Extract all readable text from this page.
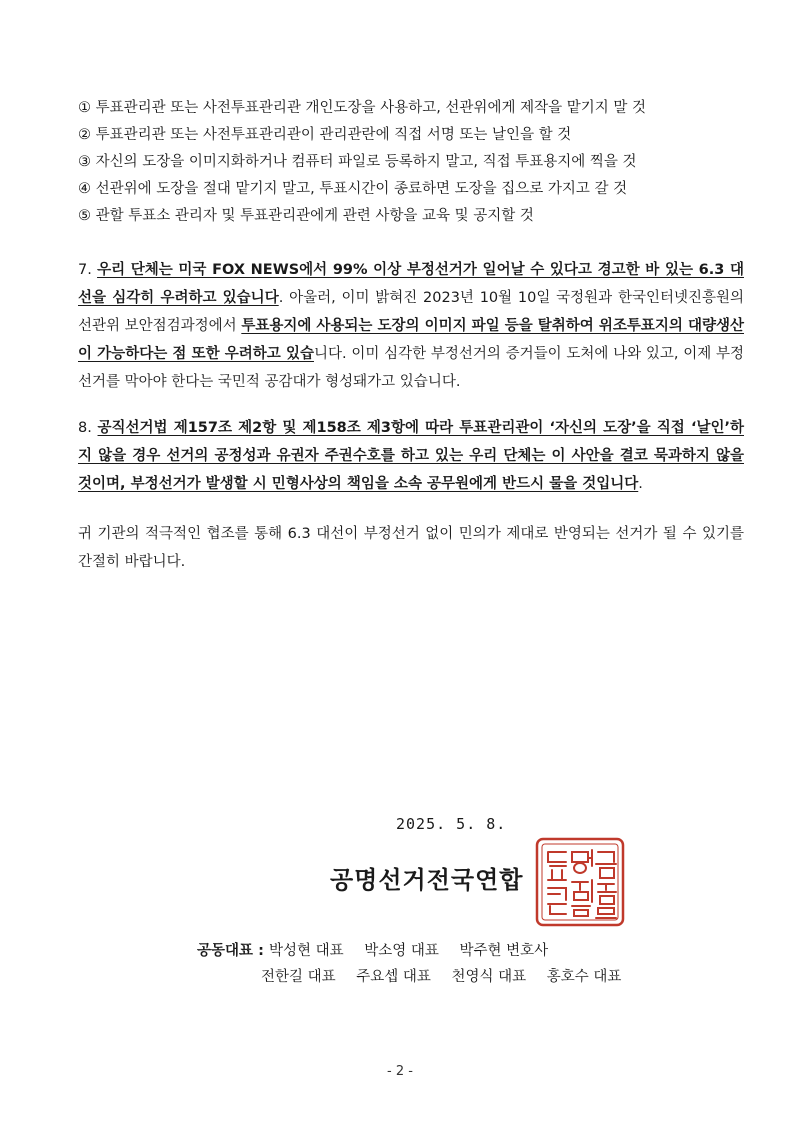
① 투표관리관 또는 사전투표관리관 개인도장을 사용하고, 선관위에게 제작을 맡기지 말 것
② 투표관리관 또는 사전투표관리관이 관리관란에 직접 서명 또는 날인을 할 것
③ 자신의 도장을 이미지화하거나 컴퓨터 파일로 등록하지 말고, 직접 투표용지에 찍을 것
④ 선관위에 도장을 절대 맡기지 말고, 투표시간이 종료하면 도장을 집으로 가지고 갈 것
⑤ 관할 투표소 관리자 및 투표관리관에게 관련 사항을 교육 및 공지할 것
7. 우리 단체는 미국 FOX NEWS에서 99% 이상 부정선거가 일어날 수 있다고 경고한 바 있는 6.3 대선을 심각히 우려하고 있습니다. 아울러, 이미 밝혀진 2023년 10월 10일 국정원과 한국인터넷진흥원의 선관위 보안점검과정에서 투표용지에 사용되는 도장의 이미지 파일 등을 탈취하여 위조투표지의 대량생산이 가능하다는 점 또한 우려하고 있습니다. 이미 심각한 부정선거의 증거들이 도처에 나와 있고, 이제 부정선거를 막아야 한다는 국민적 공감대가 형성돼가고 있습니다.
8. 공직선거법 제157조 제2항 및 제158조 제3항에 따라 투표관리관이 ‘자신의 도장’을 직접 ‘날인’하지 않을 경우 선거의 공정성과 유권자 주권수호를 하고 있는 우리 단체는 이 사안을 결코 묵과하지 않을 것이며, 부정선거가 발생할 시 민형사상의 책임을 소속 공무원에게 반드시 물을 것입니다.
귀 기관의 적극적인 협조를 통해 6.3 대선이 부정선거 없이 민의가 제대로 반영되는 선거가 될 수 있기를 간절히 바랍니다.
2025. 5. 8.
공명선거전국연합
공동대표 : 박성현 대표 박소영 대표 박주현 변호사
전한길 대표 주요셉 대표 천영식 대표 홍호수 대표
- 2 -
